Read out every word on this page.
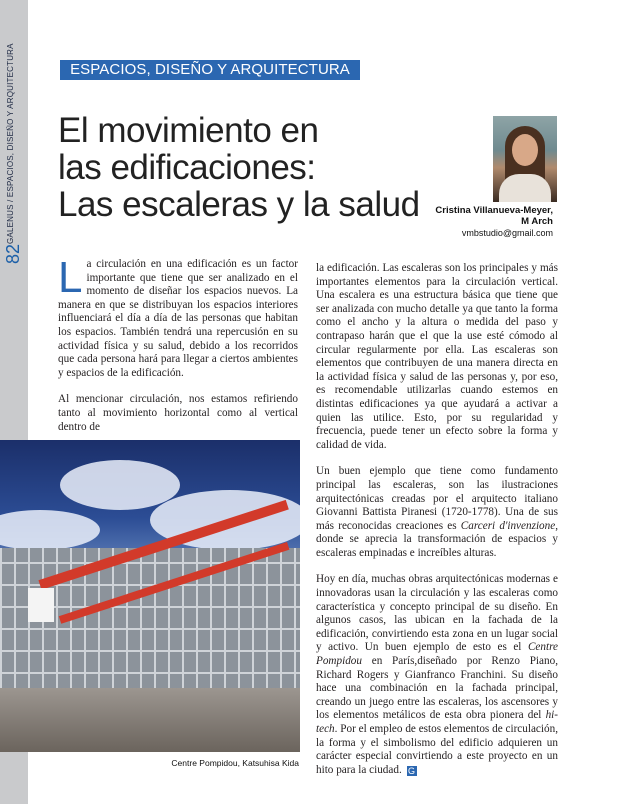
GALENUS / ESPACIOS, DISEÑO Y ARQUITECTURA
82
ESPACIOS, DISEÑO Y ARQUITECTURA
El movimiento en
las edificaciones:
Las escaleras y la salud	Cristina Villanueva-Meyer,
M Arch
vmbstudio@gmail.com

La circulación en una edificación es un factor importante que tiene que ser analizado en el momento de diseñar los espacios nuevos. La manera en que se distribuyan los espacios interiores influenciará el día a día de las personas que habitan los espacios. También tendrá una repercusión en su actividad física y su salud, debido a los recorridos que cada persona hará para llegar a ciertos ambientes y espacios de la edificación.

Al mencionar circulación, nos estamos refiriendo tanto al movimiento horizontal como al vertical dentro de

Centre Pompidou, Katsuhisa Kida

la edificación. Las escaleras son los principales y más importantes elementos para la circulación vertical. Una escalera es una estructura básica que tiene que ser analizada con mucho detalle ya que tanto la forma como el ancho y la altura o medida del paso y contrapaso harán que el que la use esté cómodo al circular regularmente por ella. Las escaleras son elementos que contribuyen de una manera directa en la actividad física y salud de las personas y, por eso, es recomendable utilizarlas cuando estemos en distintas edificaciones ya que ayudará a activar a quien las utilice. Esto, por su regularidad y frecuencia, puede tener un efecto sobre la forma y calidad de vida.

Un buen ejemplo que tiene como fundamento principal las escaleras, son las ilustraciones arquitectónicas creadas por el arquitecto italiano Giovanni Battista Piranesi (1720-1778). Una de sus más reconocidas creaciones es Carceri d'invenzione, donde se aprecia la transformación de espacios y escaleras empinadas e increíbles alturas.

Hoy en día, muchas obras arquitectónicas modernas e innovadoras usan la circulación y las escaleras como característica y concepto principal de su diseño. En algunos casos, las ubican en la fachada de la edificación, convirtiendo esta zona en un lugar social y activo. Un buen ejemplo de esto es el Centre Pompidou en París,diseñado por Renzo Piano, Richard Rogers y Gianfranco Franchini. Su diseño hace una combinación en la fachada principal, creando un juego entre las escaleras, los ascensores y los elementos metálicos de esta obra pionera del hi-tech. Por el empleo de estos elementos de circulación, la forma y el simbolismo del edificio adquieren un carácter especial convirtiendo a este proyecto en un hito para la ciudad. G
